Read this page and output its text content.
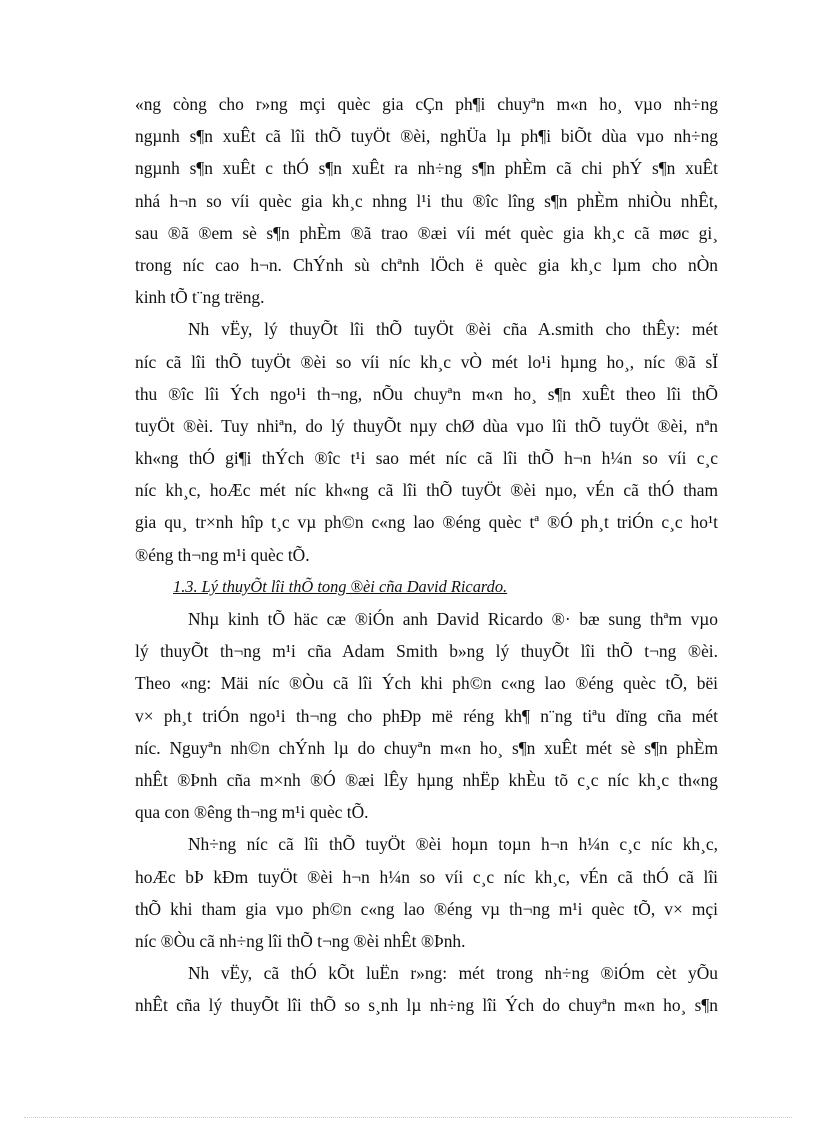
«ng còng cho r»ng mçi quèc gia cÇn ph¶i chuyªn m«n ho¸ vµo nh÷ng
ngµnh s¶n xuÊt cã lîi thÕ tuyÖt ®èi, nghÜa lµ ph¶i biÕt dùa vµo nh÷ng
ngµnh s¶n xuÊt c thÓ s¶n xuÊt ra nh÷ng s¶n phÈm cã chi phÝ s¶n xuÊt
nhá h¬n so víi quèc gia kh¸c nhng l¹i thu ®îc lîng s¶n phÈm nhiÒu nhÊt,
sau ®ã ®em sè s¶n phÈm ®ã trao ®æi víi mét quèc gia kh¸c cã møc gi¸
trong níc cao h¬n. ChÝnh sù chªnh lÖch ë quèc gia kh¸c lµm cho nÒn
kinh tÕ t¨ng trëng.
Nh vËy, lý thuyÕt lîi thÕ tuyÖt ®èi cña A.smith cho thÊy: mét
níc cã lîi thÕ tuyÖt ®èi so víi níc kh¸c vÒ mét lo¹i hµng ho¸, níc ®ã sÏ
thu ®îc lîi Ých ngo¹i th¬ng, nÕu chuyªn m«n ho¸ s¶n xuÊt theo lîi thÕ
tuyÖt ®èi. Tuy nhiªn, do lý thuyÕt nµy chØ dùa vµo lîi thÕ tuyÖt ®èi, nªn
kh«ng thÓ gi¶i thÝch ®îc t¹i sao mét níc cã lîi thÕ h¬n h¼n so víi c¸c
níc kh¸c, hoÆc mét níc kh«ng cã lîi thÕ tuyÖt ®èi nµo, vÉn cã thÓ tham
gia qu¸ tr×nh hîp t¸c vµ ph©n c«ng lao ®éng quèc tª ®Ó ph¸t triÓn c¸c ho¹t
®éng th¬ng m¹i quèc tÕ.
1.3. Lý thuyÕt lîi thÕ tong ®èi cña David Ricardo.
Nhµ kinh tÕ häc cæ ®iÓn anh David Ricardo ®· bæ sung thªm vµo
lý thuyÕt th¬ng m¹i cña Adam Smith b»ng lý thuyÕt lîi thÕ t¬ng ®èi.
Theo «ng: Mäi níc ®Òu cã lîi Ých khi ph©n c«ng lao ®éng quèc tÕ, bëi
v× ph¸t triÓn ngo¹i th¬ng cho phÐp më réng kh¶ n¨ng tiªu dïng cña mét
níc. Nguyªn nh©n chÝnh lµ do chuyªn m«n ho¸ s¶n xuÊt mét sè s¶n phÈm
nhÊt ®Þnh cña m×nh ®Ó ®æi lÊy hµng nhËp khÈu tõ c¸c níc kh¸c th«ng
qua con ®êng th¬ng m¹i quèc tÕ.
Nh÷ng níc cã lîi thÕ tuyÖt ®èi hoµn toµn h¬n h¼n c¸c níc kh¸c,
hoÆc bÞ kÐm tuyÖt ®èi h¬n h¼n so víi c¸c níc kh¸c, vÉn cã thÓ cã lîi
thÕ khi tham gia vµo ph©n c«ng lao ®éng vµ th¬ng m¹i quèc tÕ, v× mçi
níc ®Òu cã nh÷ng lîi thÕ t¬ng ®èi nhÊt ®Þnh.
Nh vËy, cã thÓ kÕt luËn r»ng: mét trong nh÷ng ®iÓm cèt yÕu
nhÊt cña lý thuyÕt lîi thÕ so s¸nh lµ nh÷ng lîi Ých do chuyªn m«n ho¸ s¶n
